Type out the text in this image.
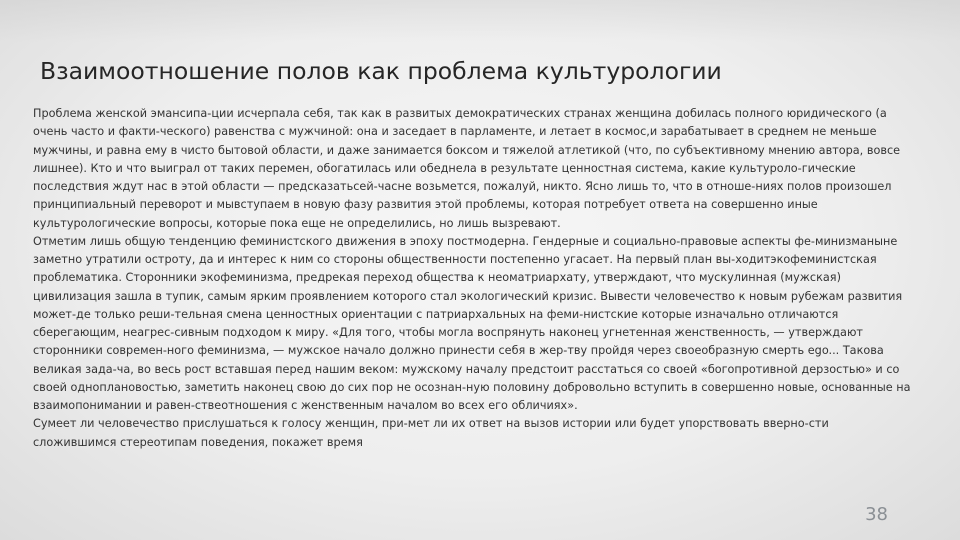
Взаимоотношение полов как проблема культурологии

Проблема женской эмансипа-ции исчерпала себя, так как в развитых демократических странах женщина добилась полного юридического (а очень часто и факти-ческого) равенства с мужчиной: она и заседает в парламенте, и летает в космос,и зарабатывает в среднем не меньше мужчины, и равна ему в чисто бытовой области, и даже занимается боксом и тяжелой атлетикой (что, по субъективному мнению автора, вовсе лишнее). Кто и что выиграл от таких перемен, обогатилась или обеднела в результате ценностная система, какие культуроло-гические последствия ждут нас в этой области — предсказатьсей-часне возьмется, пожалуй, никто. Ясно лишь то, что в отноше-ниях полов произошел принципиальный переворот и мывступаем в новую фазу развития этой проблемы, которая потребует ответа на совершенно иные культурологические вопросы, которые пока еще не определились, но лишь вызревают.

Отметим лишь общую тенденцию феминистского движения в эпоху постмодерна. Гендерные и социально-правовые аспекты фе-минизманыне заметно утратили остроту, да и интерес к ним со стороны общественности постепенно угасает. На первый план вы-ходитэкофеминистская проблематика. Сторонники экофеминизма, предрекая переход общества к неоматриархату, утверждают, что мускулинная (мужская) цивилизация зашла в тупик, самым ярким проявлением которого стал экологический кризис. Вывести человечество к новым рубежам развития может-де только реши-тельная смена ценностных ориентации с патриархальных на феми-нистские которые изначально отличаются сберегающим, неагрес-сивным подходом к миру. «Для того, чтобы могла воспрянуть наконец угнетенная женственность, — утверждают сторонники современ-ного феминизма, — мужское начало должно принести себя в жер-тву пройдя через своеобразную смерть ego... Такова великая зада-ча, во весь рост вставшая перед нашим веком: мужскому началу предстоит расстаться со своей «богопротивной дерзостью» и со своей одноплановостью, заметить наконец свою до сих пор не осознан-ную половину добровольно вступить в совершенно новые, основанные на взаимопонимании и равен-ствеотношения с женственным началом во всех его обличиях».

Сумеет ли человечество прислушаться к голосу женщин, при-мет ли их ответ на вызов истории или будет упорствовать вверно-сти сложившимся стереотипам поведения, покажет время

38
